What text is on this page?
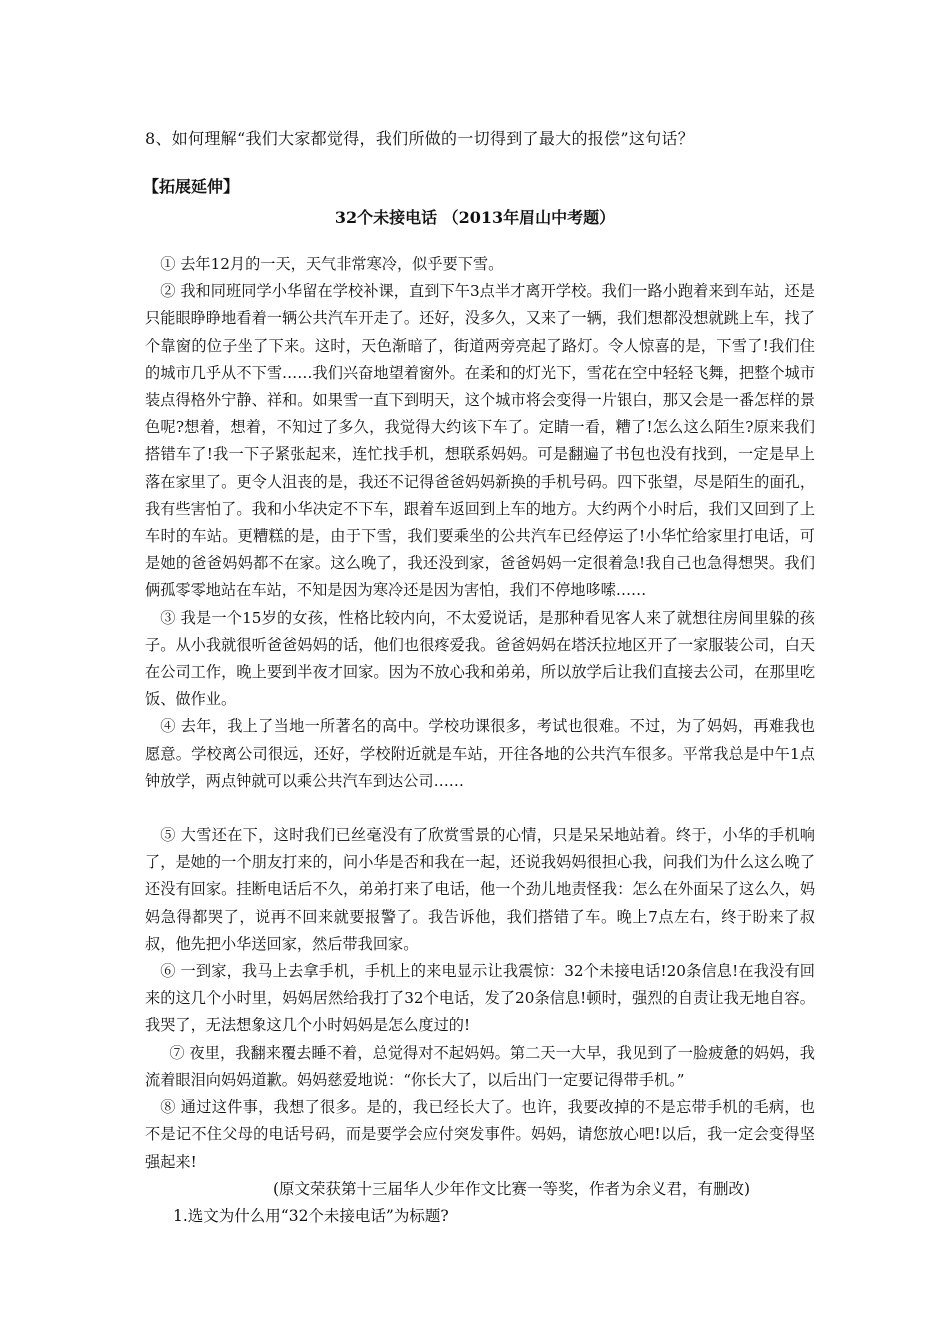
8、如何理解“我们大家都觉得，我们所做的一切得到了最大的报偿”这句话？
【拓展延伸】
32个未接电话 （2013年眉山中考题）

① 去年12月的一天，天气非常寒冷，似乎要下雪。

② 我和同班同学小华留在学校补课，直到下午3点半才离开学校。我们一路小跑着来到车站，还是只能眼睁睁地看着一辆公共汽车开走了。还好，没多久，又来了一辆，我们想都没想就跳上车，找了个靠窗的位子坐了下来。这时，天色渐暗了，街道两旁亮起了路灯。令人惊喜的是，下雪了!我们住的城市几乎从不下雪……我们兴奋地望着窗外。在柔和的灯光下，雪花在空中轻轻飞舞，把整个城市装点得格外宁静、祥和。如果雪一直下到明天，这个城市将会变得一片银白，那又会是一番怎样的景色呢?想着，想着，不知过了多久，我觉得大约该下车了。定睛一看，糟了!怎么这么陌生?原来我们搭错车了!我一下子紧张起来，连忙找手机，想联系妈妈。可是翻遍了书包也没有找到，一定是早上落在家里了。更令人沮丧的是，我还不记得爸爸妈妈新换的手机号码。四下张望，尽是陌生的面孔，我有些害怕了。我和小华决定不下车，跟着车返回到上车的地方。大约两个小时后，我们又回到了上车时的车站。更糟糕的是，由于下雪，我们要乘坐的公共汽车已经停运了!小华忙给家里打电话，可是她的爸爸妈妈都不在家。这么晚了，我还没到家，爸爸妈妈一定很着急!我自己也急得想哭。我们俩孤零零地站在车站，不知是因为寒冷还是因为害怕，我们不停地哆嗦……

③ 我是一个15岁的女孩，性格比较内向，不太爱说话，是那种看见客人来了就想往房间里躲的孩子。从小我就很听爸爸妈妈的话，他们也很疼爱我。爸爸妈妈在塔沃拉地区开了一家服装公司，白天在公司工作，晚上要到半夜才回家。因为不放心我和弟弟，所以放学后让我们直接去公司，在那里吃饭、做作业。

④ 去年，我上了当地一所著名的高中。学校功课很多，考试也很难。不过，为了妈妈，再难我也愿意。学校离公司很远，还好，学校附近就是车站，开往各地的公共汽车很多。平常我总是中午1点钟放学，两点钟就可以乘公共汽车到达公司……

⑤ 大雪还在下，这时我们已丝毫没有了欣赏雪景的心情，只是呆呆地站着。终于，小华的手机响了，是她的一个朋友打来的，问小华是否和我在一起，还说我妈妈很担心我，问我们为什么这么晚了还没有回家。挂断电话后不久，弟弟打来了电话，他一个劲儿地责怪我：怎么在外面呆了这么久，妈妈急得都哭了，说再不回来就要报警了。我告诉他，我们搭错了车。晚上7点左右，终于盼来了叔叔，他先把小华送回家，然后带我回家。

⑥ 一到家，我马上去拿手机，手机上的来电显示让我震惊：32个未接电话!20条信息!在我没有回来的这几个小时里，妈妈居然给我打了32个电话，发了20条信息!顿时，强烈的自责让我无地自容。我哭了，无法想象这几个小时妈妈是怎么度过的!

⑦ 夜里，我翻来覆去睡不着，总觉得对不起妈妈。第二天一大早，我见到了一脸疲惫的妈妈，我流着眼泪向妈妈道歉。妈妈慈爱地说：“你长大了，以后出门一定要记得带手机。”

⑧ 通过这件事，我想了很多。是的，我已经长大了。也许，我要改掉的不是忘带手机的毛病，也不是记不住父母的电话号码，而是要学会应付突发事件。妈妈，请您放心吧!以后，我一定会变得坚强起来!

(原文荣获第十三届华人少年作文比赛一等奖，作者为余义君，有删改)

1.选文为什么用“32个未接电话”为标题?
